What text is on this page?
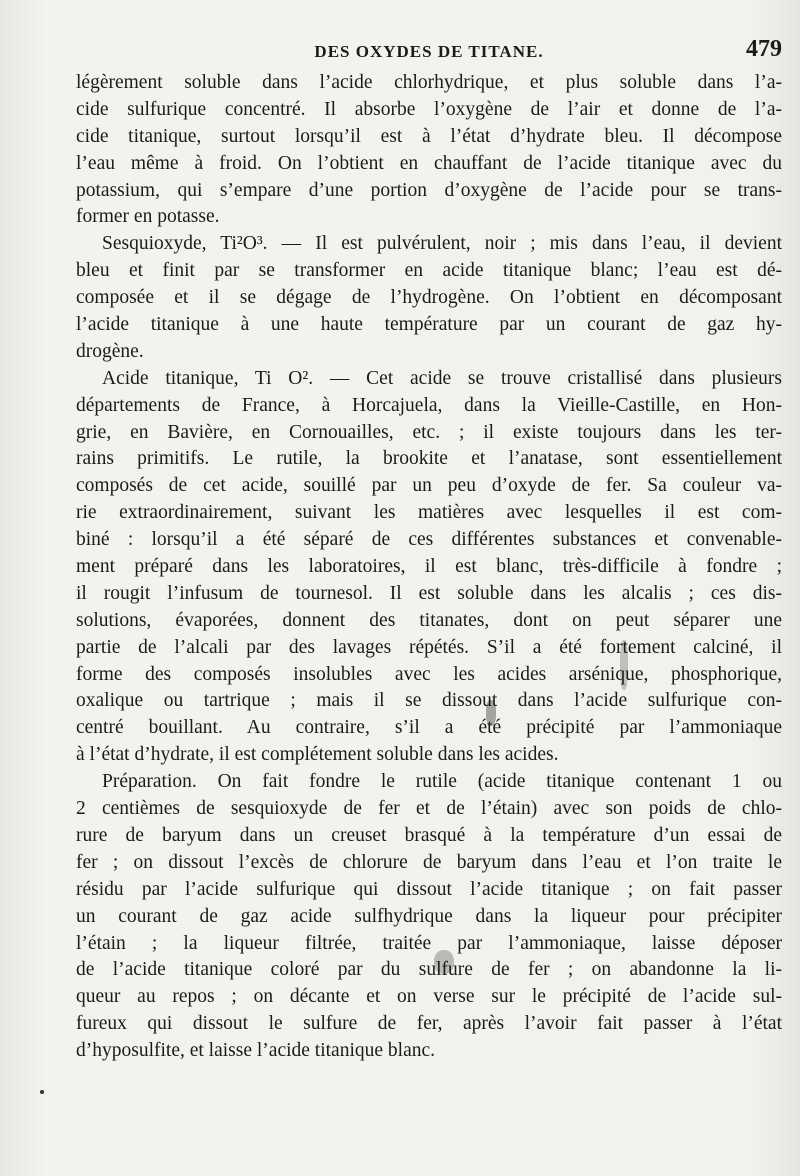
DES OXYDES DE TITANE.	479
légèrement soluble dans l’acide chlorhydrique, et plus soluble dans l’a-
cide sulfurique concentré. Il absorbe l’oxygène de l’air et donne de l’a-
cide titanique, surtout lorsqu’il est à l’état d’hydrate bleu. Il décompose
l’eau même à froid. On l’obtient en chauffant de l’acide titanique avec du
potassium, qui s’empare d’une portion d’oxygène de l’acide pour se trans-
former en potasse.
Sesquioxyde, Ti²O³. — Il est pulvérulent, noir ; mis dans l’eau, il devient
bleu et finit par se transformer en acide titanique blanc; l’eau est dé-
composée et il se dégage de l’hydrogène. On l’obtient en décomposant
l’acide titanique à une haute température par un courant de gaz hy-
drogène.
Acide titanique, Ti O². — Cet acide se trouve cristallisé dans plusieurs
départements de France, à Horcajuela, dans la Vieille-Castille, en Hon-
grie, en Bavière, en Cornouailles, etc. ; il existe toujours dans les ter-
rains primitifs. Le rutile, la brookite et l’anatase, sont essentiellement
composés de cet acide, souillé par un peu d’oxyde de fer. Sa couleur va-
rie extraordinairement, suivant les matières avec lesquelles il est com-
biné : lorsqu’il a été séparé de ces différentes substances et convenable-
ment préparé dans les laboratoires, il est blanc, très-difficile à fondre ;
il rougit l’infusum de tournesol. Il est soluble dans les alcalis ; ces dis-
solutions, évaporées, donnent des titanates, dont on peut séparer une
partie de l’alcali par des lavages répétés. S’il a été fortement calciné, il
forme des composés insolubles avec les acides arsénique, phosphorique,
oxalique ou tartrique ; mais il se dissout dans l’acide sulfurique con-
centré bouillant. Au contraire, s’il a été précipité par l’ammoniaque
à l’état d’hydrate, il est complétement soluble dans les acides.
Préparation. On fait fondre le rutile (acide titanique contenant 1 ou
2 centièmes de sesquioxyde de fer et de l’étain) avec son poids de chlo-
rure de baryum dans un creuset brasqué à la température d’un essai de
fer ; on dissout l’excès de chlorure de baryum dans l’eau et l’on traite le
résidu par l’acide sulfurique qui dissout l’acide titanique ; on fait passer
un courant de gaz acide sulfhydrique dans la liqueur pour précipiter
l’étain ; la liqueur filtrée, traitée par l’ammoniaque, laisse déposer
de l’acide titanique coloré par du sulfure de fer ; on abandonne la li-
queur au repos ; on décante et on verse sur le précipité de l’acide sul-
fureux qui dissout le sulfure de fer, après l’avoir fait passer à l’état
d’hyposulfite, et laisse l’acide titanique blanc.
